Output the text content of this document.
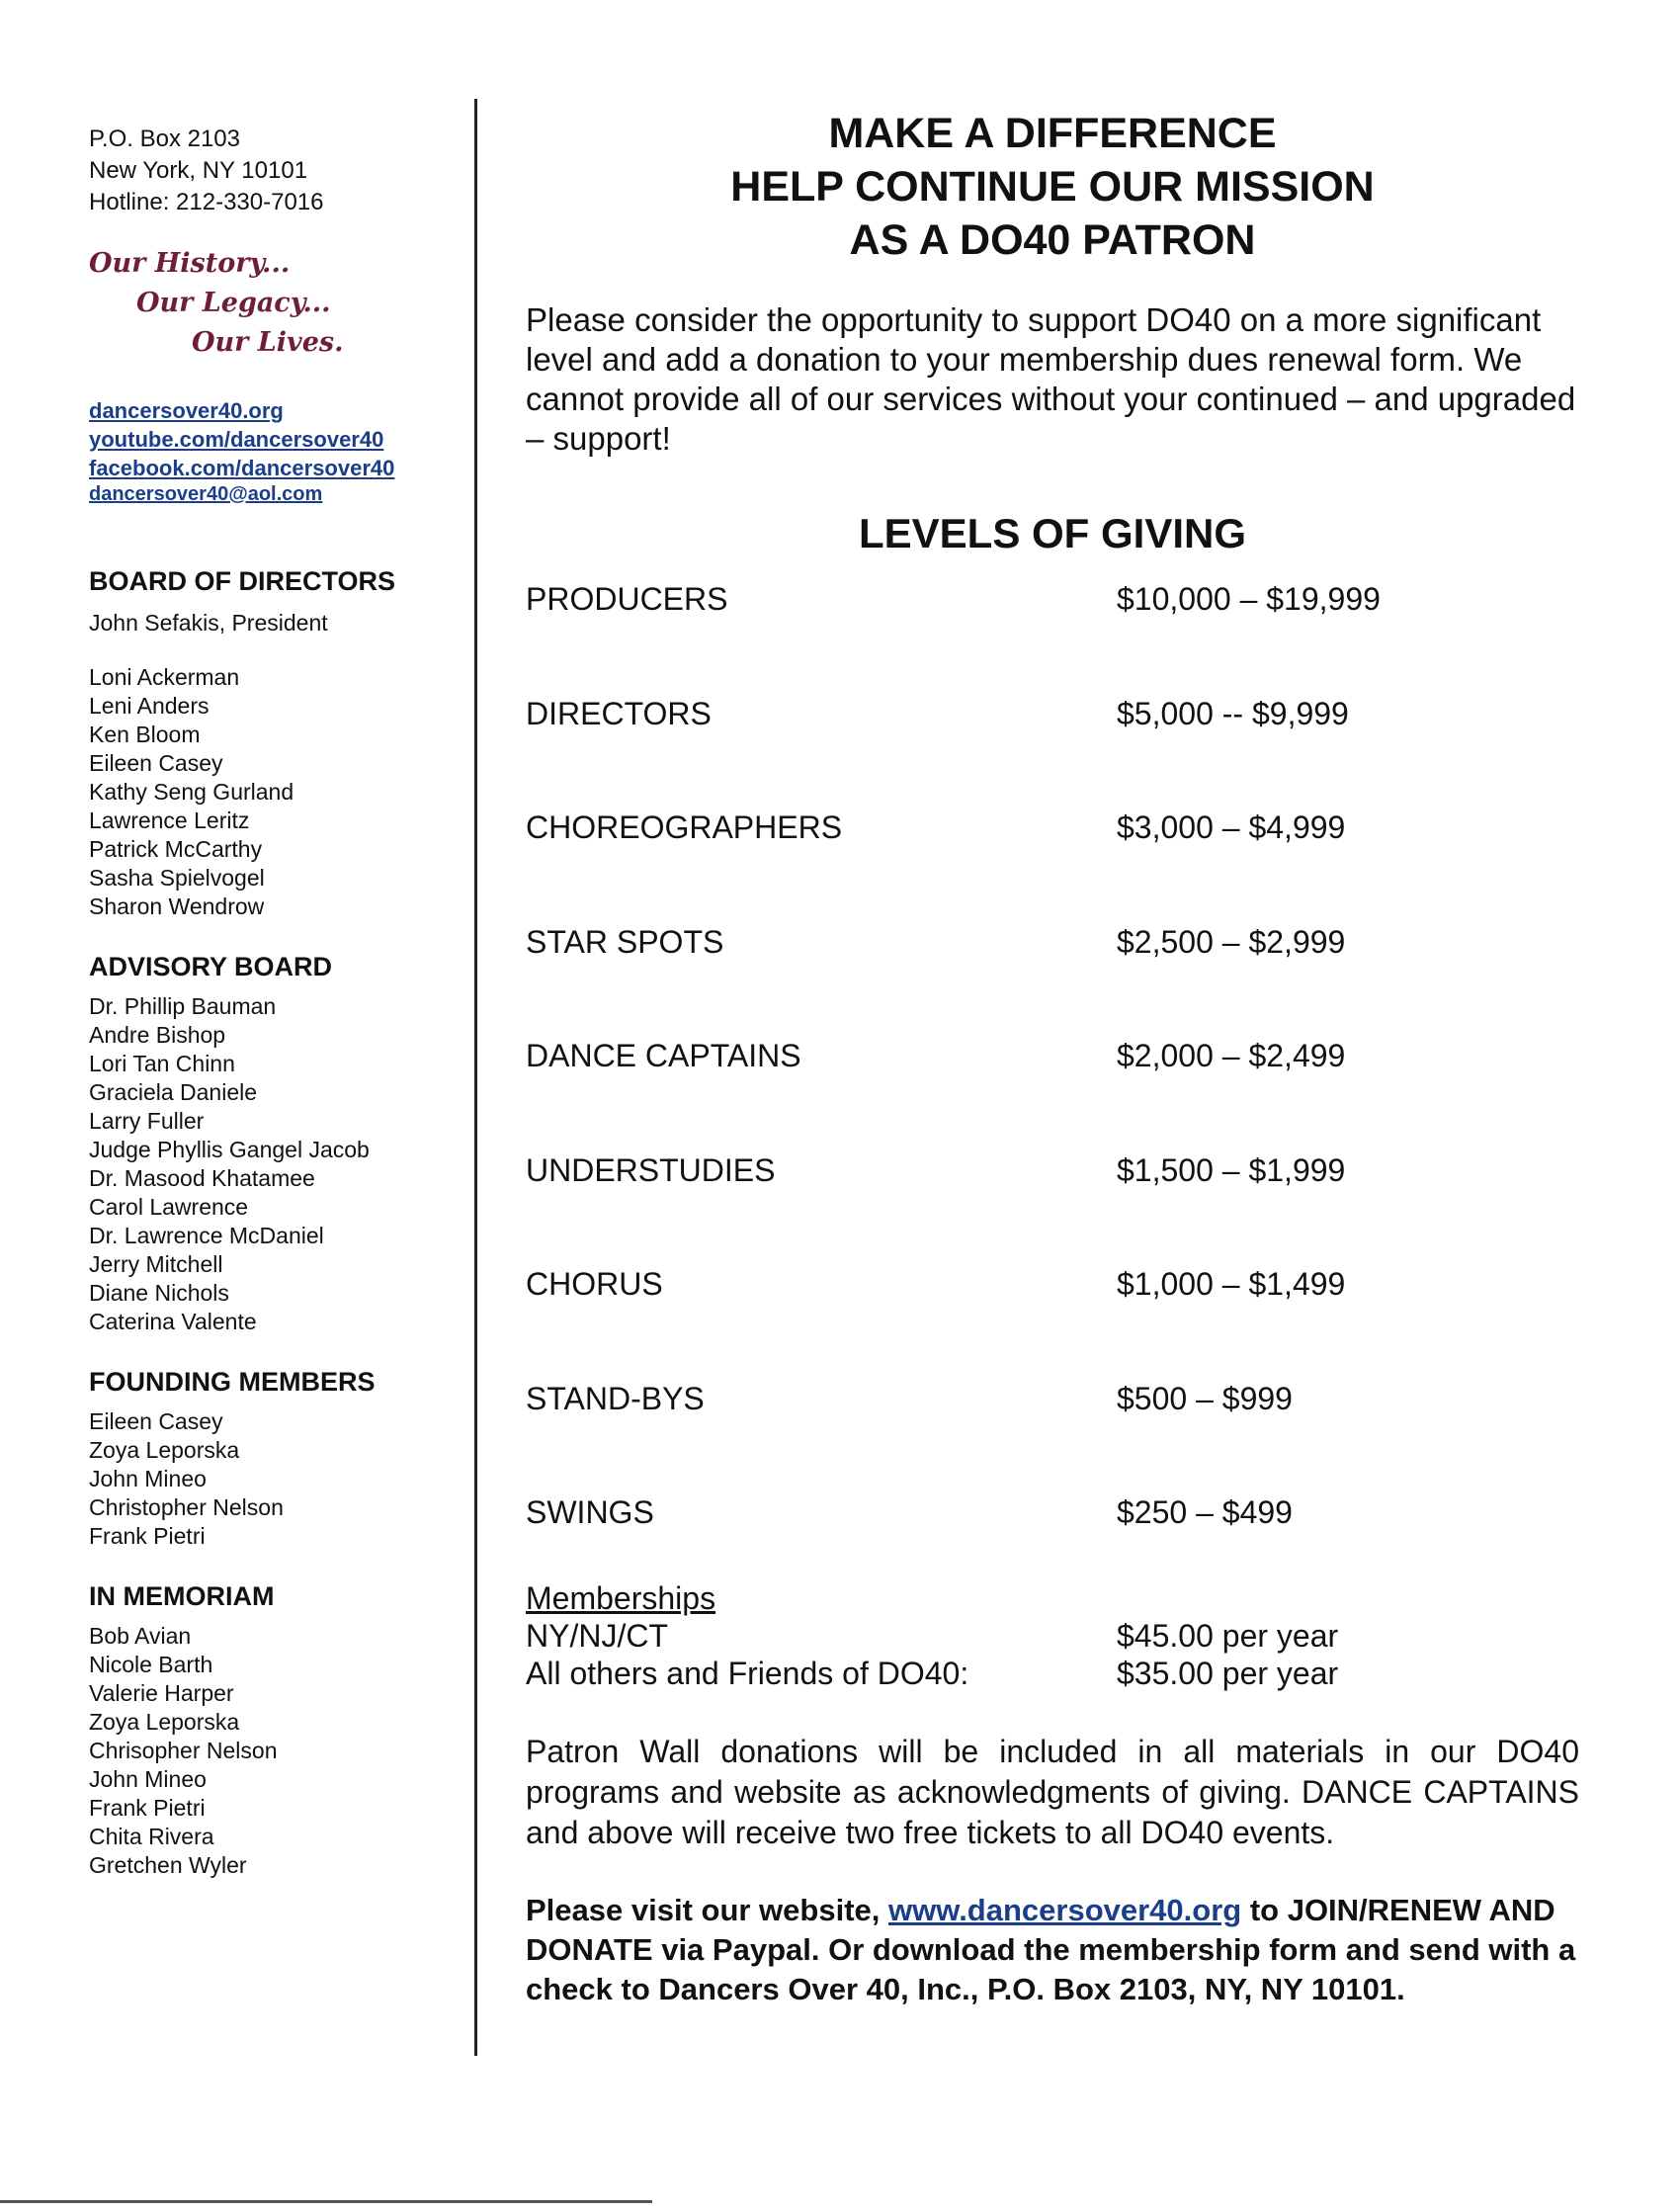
P.O. Box 2103
New York, NY 10101
Hotline: 212-330-7016
Our History...
Our Legacy...
Our Lives.
dancersover40.org
youtube.com/dancersover40
facebook.com/dancersover40
dancersover40@aol.com
BOARD OF DIRECTORS
John Sefakis, President
Loni Ackerman
Leni Anders
Ken Bloom
Eileen Casey
Kathy Seng Gurland
Lawrence Leritz
Patrick McCarthy
Sasha Spielvogel
Sharon Wendrow
ADVISORY BOARD
Dr. Phillip Bauman
Andre Bishop
Lori Tan Chinn
Graciela Daniele
Larry Fuller
Judge Phyllis Gangel Jacob
Dr. Masood Khatamee
Carol Lawrence
Dr. Lawrence McDaniel
Jerry Mitchell
Diane Nichols
Caterina Valente
FOUNDING MEMBERS
Eileen Casey
Zoya Leporska
John Mineo
Christopher Nelson
Frank Pietri
IN MEMORIAM
Bob Avian
Nicole Barth
Valerie Harper
Zoya Leporska
Chrisopher Nelson
John Mineo
Frank Pietri
Chita Rivera
Gretchen Wyler
MAKE A DIFFERENCE
HELP CONTINUE OUR MISSION
AS A DO40 PATRON
Please consider the opportunity to support DO40 on a more significant level and add a donation to your membership dues renewal form. We cannot provide all of our services without your continued – and upgraded – support!
LEVELS OF GIVING
PRODUCERS	$10,000 – $19,999
DIRECTORS	$5,000 -- $9,999
CHOREOGRAPHERS	$3,000 – $4,999
STAR SPOTS	$2,500 – $2,999
DANCE CAPTAINS	$2,000 – $2,499
UNDERSTUDIES	$1,500 – $1,999
CHORUS	$1,000 – $1,499
STAND-BYS	$500 – $999
SWINGS	$250 – $499
Memberships
NY/NJ/CT	$45.00 per year
All others and Friends of DO40:	$35.00 per year
Patron Wall donations will be included in all materials in our DO40 programs and website as acknowledgments of giving. DANCE CAPTAINS and above will receive two free tickets to all DO40 events.
Please visit our website, www.dancersover40.org to JOIN/RENEW AND DONATE via Paypal. Or download the membership form and send with a check to Dancers Over 40, Inc., P.O. Box 2103, NY, NY 10101.
